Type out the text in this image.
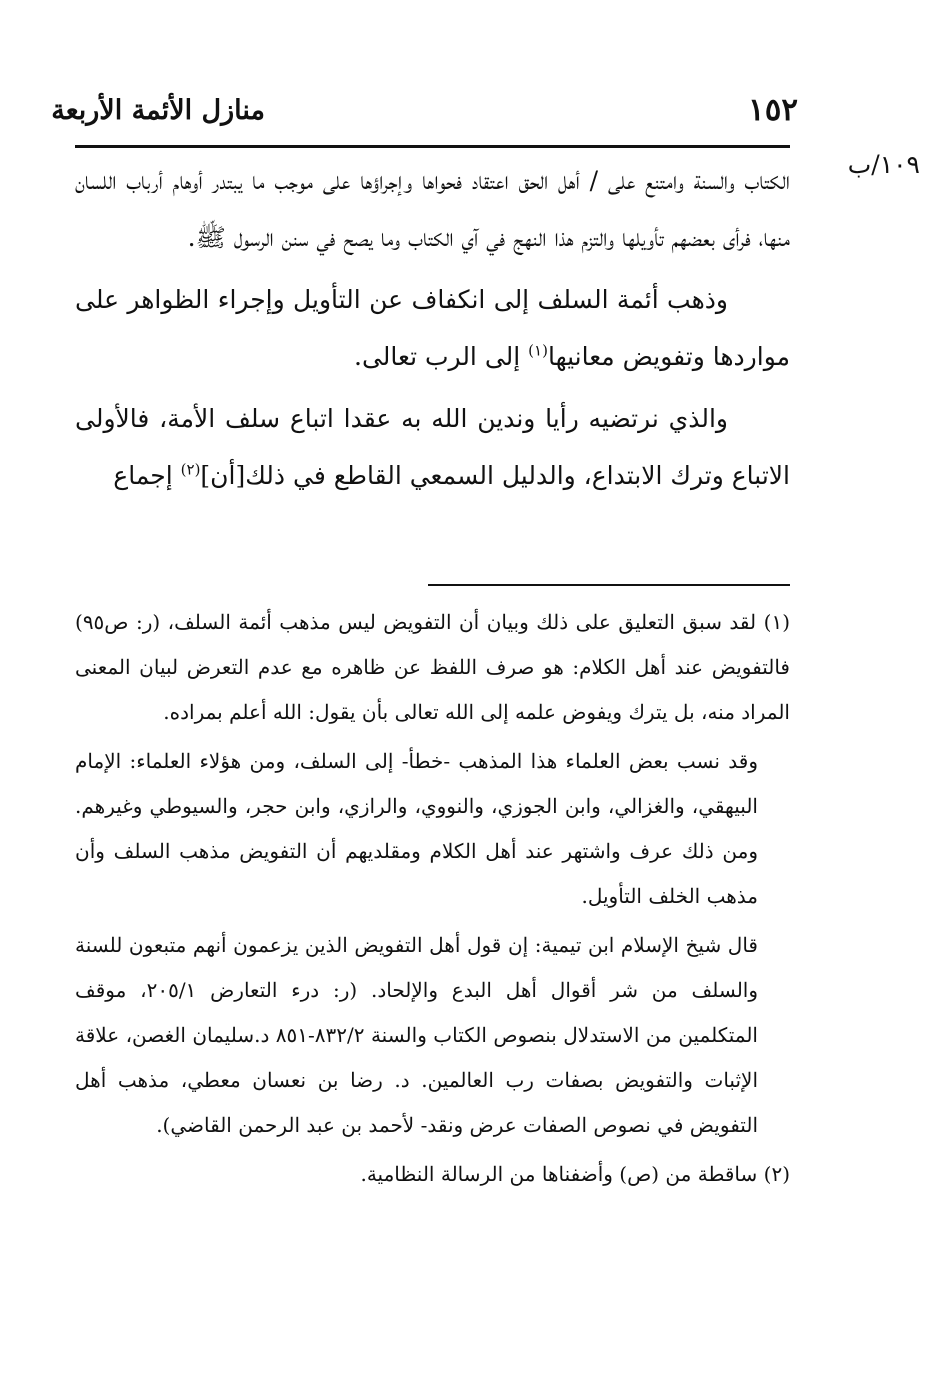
١٥٢
منازل الأئمة الأربعة
١٠٩/ب

الكتاب والسنة وامتنع على / أهل الحق اعتقاد فحواها وإجراؤها على موجب ما يبتدر أوهام أرباب اللسان منها، فرأى بعضهم تأويلها والتزم هذا النهج في آي الكتاب وما يصح في سنن الرسول ﷺ.

وذهب أئمة السلف إلى انكفاف عن التأويل وإجراء الظواهر على مواردها وتفويض معانيها$^{(١)}$ إلى الرب تعالى.

والذي نرتضيه رأيا وندين الله به عقدا اتباع سلف الأمة، فالأولى الاتباع وترك الابتداع، والدليل السمعي القاطع في ذلك[أن]$^{(٢)}$ إجماع

(١) لقد سبق التعليق على ذلك وبيان أن التفويض ليس مذهب أئمة السلف، (ر: ص٩٥) فالتفويض عند أهل الكلام: هو صرف اللفظ عن ظاهره مع عدم التعرض لبيان المعنى المراد منه، بل يترك ويفوض علمه إلى الله تعالى بأن يقول: الله أعلم بمراده.

وقد نسب بعض العلماء هذا المذهب -خطأ- إلى السلف، ومن هؤلاء العلماء: الإمام البيهقي، والغزالي، وابن الجوزي، والنووي، والرازي، وابن حجر، والسيوطي وغيرهم. ومن ذلك عرف واشتهر عند أهل الكلام ومقلديهم أن التفويض مذهب السلف وأن مذهب الخلف التأويل.

قال شيخ الإسلام ابن تيمية: إن قول أهل التفويض الذين يزعمون أنهم متبعون للسنة والسلف من شر أقوال أهل البدع والإلحاد. (ر: درء التعارض ٢٠٥/١، موقف المتكلمين من الاستدلال بنصوص الكتاب والسنة ٨٣٢/٢-٨٥١ د.سليمان الغصن، علاقة الإثبات والتفويض بصفات رب العالمين. د. رضا بن نعسان معطي، مذهب أهل التفويض في نصوص الصفات عرض ونقد- لأحمد بن عبد الرحمن القاضي).

(٢) ساقطة من (ص) وأضفناها من الرسالة النظامية.
